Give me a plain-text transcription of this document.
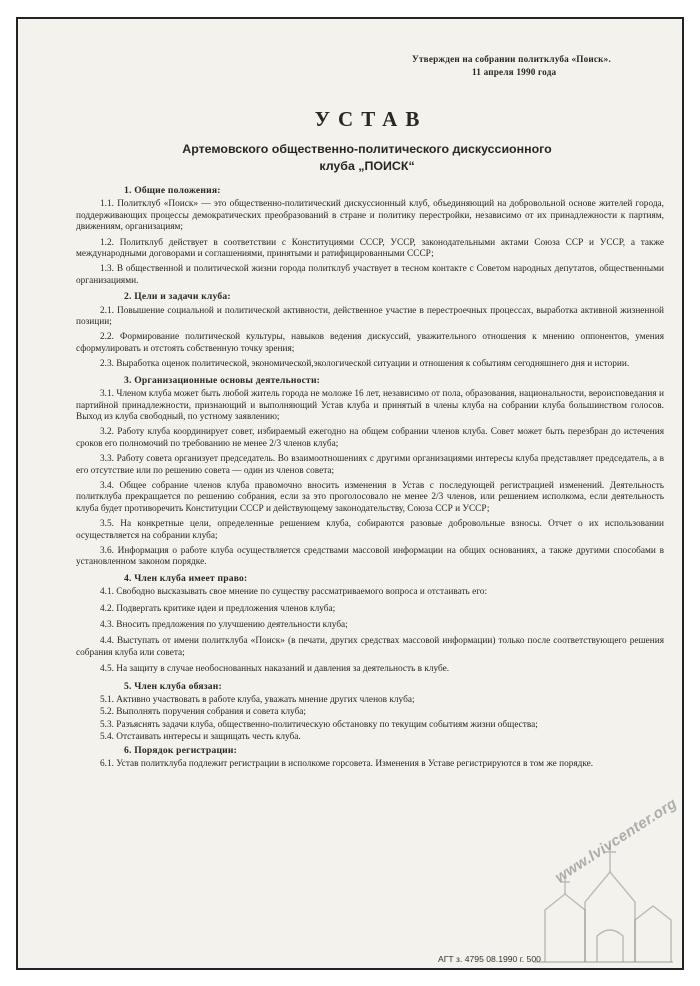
Утвержден на собрании политклуба «Поиск».
11 апреля 1990 года
УСТАВ
Артемовского общественно-политического дискуссионного
клуба „ПОИСК“
1. Общие положения:

1.1. Политклуб «Поиск» — это общественно-политический дискуссионный клуб, объединяющий на добровольной основе жителей города, поддерживающих процессы демократических преобразований в стране и политику перестройки, независимо от их принадлежности к партиям, движениям, организациям;

1.2. Политклуб действует в соответствии с Конституциями СССР, УССР, законодательными актами Союза ССР и УССР, а также международными договорами и соглашениями, принятыми и ратифицированными СССР;

1.3. В общественной и политической жизни города политклуб участвует в тесном контакте с Советом народных депутатов, общественными организациями.

2. Цели и задачи клуба:

2.1. Повышение социальной и политической активности, действенное участие в перестроечных процессах, выработка активной жизненной позиции;

2.2. Формирование политической культуры, навыков ведения дискуссий, уважительного отношения к мнению оппонентов, умения сформулировать и отстоять собственную точку зрения;

2.3. Выработка оценок политической, экономической,экологической ситуации и отношения к событиям сегодняшнего дня и истории.

3. Организационные основы деятельности:

3.1. Членом клуба может быть любой житель города не моложе 16 лет, независимо от пола, образования, национальности, вероисповедания и партийной принадлежности, признающий и выполняющий Устав клуба и принятый в члены клуба на собрании клуба большинством голосов. Выход из клуба свободный, по устному заявлению;

3.2. Работу клуба координирует совет, избираемый ежегодно на общем собрании членов клуба. Совет может быть перезбран до истечения сроков его полномочий по требованию не менее 2/3 членов клуба;

3.3. Работу совета организует председатель. Во взаимоотношениях с другими организациями интересы клуба представляет председатель, а в его отсутствие или по решению совета — один из членов совета;

3.4. Общее собрание членов клуба правомочно вносить изменения в Устав с последующей регистрацией изменений. Деятельность политклуба прекращается по решению собрания, если за это проголосовало не менее 2/3 членов, или решением исполкома, если деятельность клуба будет противоречить Конституции СССР и действующему законодательству, Союза ССР и УССР;

3.5. На конкретные цели, определенные решением клуба, собираются разовые добровольные взносы. Отчет о их использовании осуществляется на собрании клуба;

3.6. Информация о работе клуба осуществляется средствами массовой информации на общих основаниях, а также другими способами в установленном законом порядке.

4. Член клуба имеет право:

4.1. Свободно высказывать свое мнение по существу рассматриваемого вопроса и отстаивать его:

4.2. Подвергать критике идеи и предложения членов клуба;

4.3. Вносить предложения по улучшению деятельности клуба;

4.4. Выступать от имени политклуба «Поиск» (в печати, других средствах массовой информации) только после соответствующего решения собрания клуба или совета;

4.5. На защиту в случае необоснованных наказаний и давления за деятельность в клубе.

5. Член клуба обязан:

5.1. Активно участвовать в работе клуба, уважать мнение других членов клуба;

5.2. Выполнять поручения собрания и совета клуба;

5.3. Разъяснять задачи клуба, общественно-политическую обстановку по текущим событиям жизни общества;

5.4. Отстаивать интересы и защищать честь клуба.

6. Порядок регистрации:

6.1. Устав политклуба подлежит регистрации в исполкоме горсовета. Изменения в Уставе регистрируются в том же порядке.

АГТ з. 4795 08.1990 г. 500
www.lvivcenter.org
